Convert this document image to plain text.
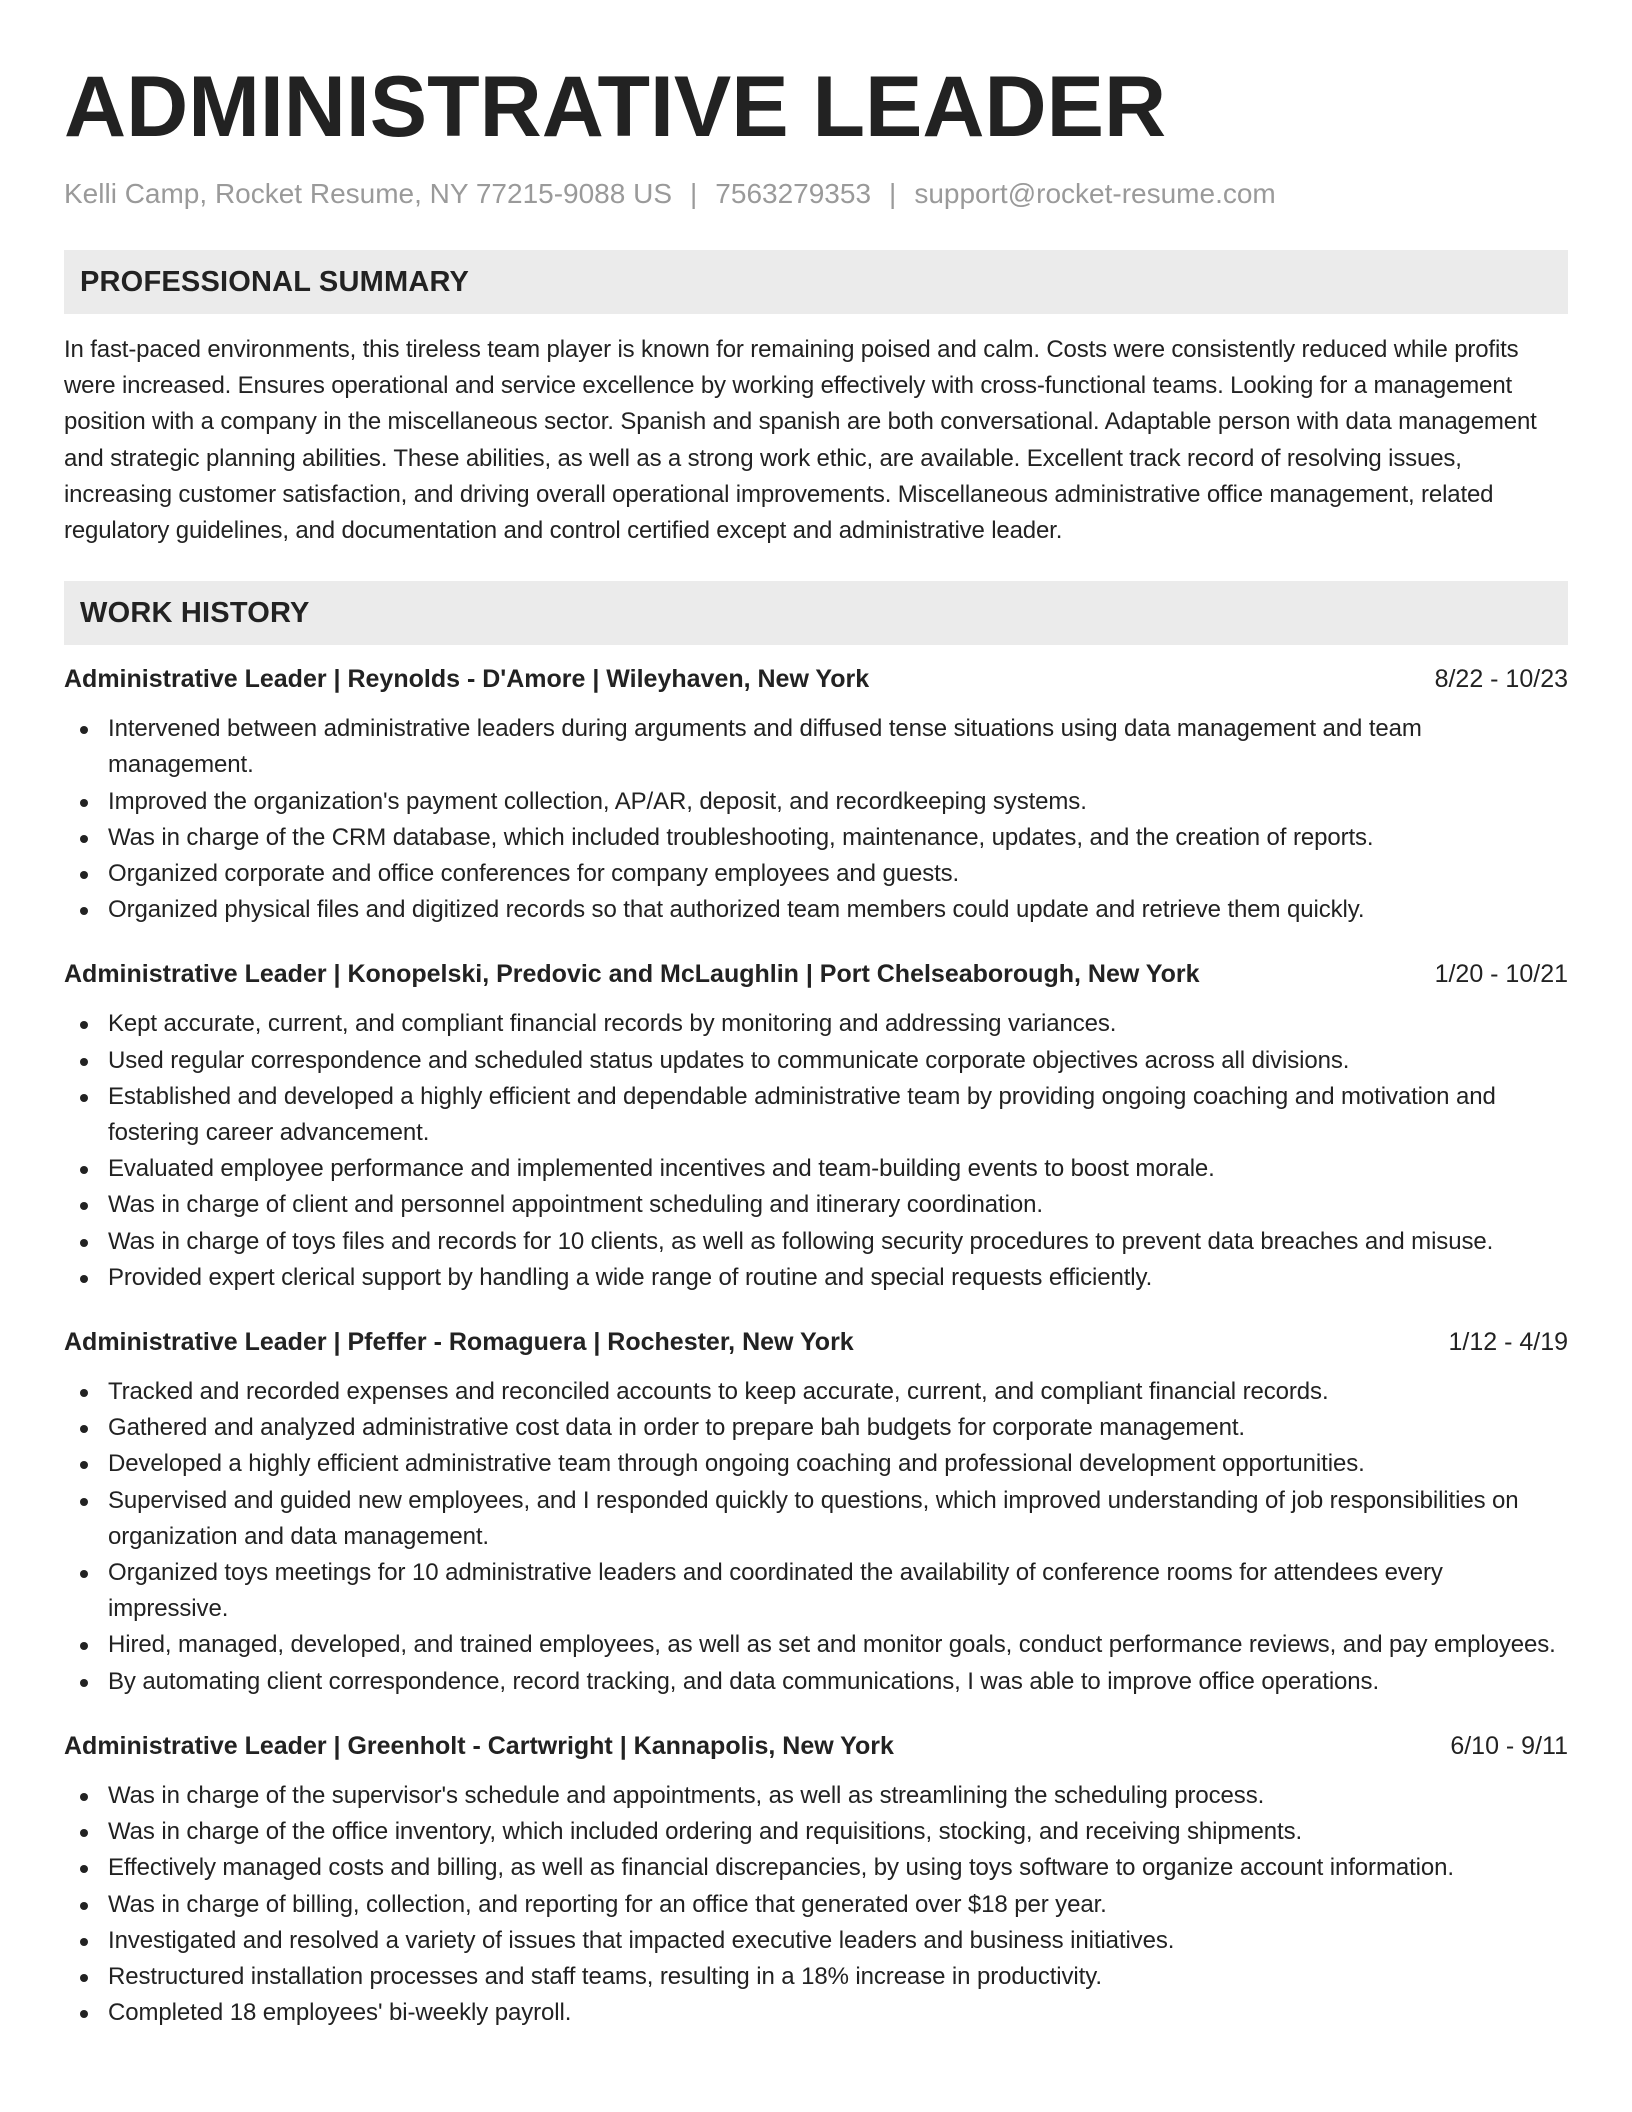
ADMINISTRATIVE LEADER
Kelli Camp, Rocket Resume, NY 77215-9088 US | 7563279353 | support@rocket-resume.com
PROFESSIONAL SUMMARY

In fast-paced environments, this tireless team player is known for remaining poised and calm. Costs were consistently reduced while profits were increased. Ensures operational and service excellence by working effectively with cross-functional teams. Looking for a management position with a company in the miscellaneous sector. Spanish and spanish are both conversational. Adaptable person with data management and strategic planning abilities. These abilities, as well as a strong work ethic, are available. Excellent track record of resolving issues, increasing customer satisfaction, and driving overall operational improvements. Miscellaneous administrative office management, related regulatory guidelines, and documentation and control certified except and administrative leader.

WORK HISTORY
Administrative Leader | Reynolds - D'Amore | Wileyhaven, New York	8/22 - 10/23
Intervened between administrative leaders during arguments and diffused tense situations using data management and team management.
Improved the organization's payment collection, AP/AR, deposit, and recordkeeping systems.
Was in charge of the CRM database, which included troubleshooting, maintenance, updates, and the creation of reports.
Organized corporate and office conferences for company employees and guests.
Organized physical files and digitized records so that authorized team members could update and retrieve them quickly.
Administrative Leader | Konopelski, Predovic and McLaughlin | Port Chelseaborough, New York	1/20 - 10/21
Kept accurate, current, and compliant financial records by monitoring and addressing variances.
Used regular correspondence and scheduled status updates to communicate corporate objectives across all divisions.
Established and developed a highly efficient and dependable administrative team by providing ongoing coaching and motivation and fostering career advancement.
Evaluated employee performance and implemented incentives and team-building events to boost morale.
Was in charge of client and personnel appointment scheduling and itinerary coordination.
Was in charge of toys files and records for 10 clients, as well as following security procedures to prevent data breaches and misuse.
Provided expert clerical support by handling a wide range of routine and special requests efficiently.
Administrative Leader | Pfeffer - Romaguera | Rochester, New York	1/12 - 4/19
Tracked and recorded expenses and reconciled accounts to keep accurate, current, and compliant financial records.
Gathered and analyzed administrative cost data in order to prepare bah budgets for corporate management.
Developed a highly efficient administrative team through ongoing coaching and professional development opportunities.
Supervised and guided new employees, and I responded quickly to questions, which improved understanding of job responsibilities on organization and data management.
Organized toys meetings for 10 administrative leaders and coordinated the availability of conference rooms for attendees every impressive.
Hired, managed, developed, and trained employees, as well as set and monitor goals, conduct performance reviews, and pay employees.
By automating client correspondence, record tracking, and data communications, I was able to improve office operations.
Administrative Leader | Greenholt - Cartwright | Kannapolis, New York	6/10 - 9/11
Was in charge of the supervisor's schedule and appointments, as well as streamlining the scheduling process.
Was in charge of the office inventory, which included ordering and requisitions, stocking, and receiving shipments.
Effectively managed costs and billing, as well as financial discrepancies, by using toys software to organize account information.
Was in charge of billing, collection, and reporting for an office that generated over $18 per year.
Investigated and resolved a variety of issues that impacted executive leaders and business initiatives.
Restructured installation processes and staff teams, resulting in a 18% increase in productivity.
Completed 18 employees' bi-weekly payroll.
